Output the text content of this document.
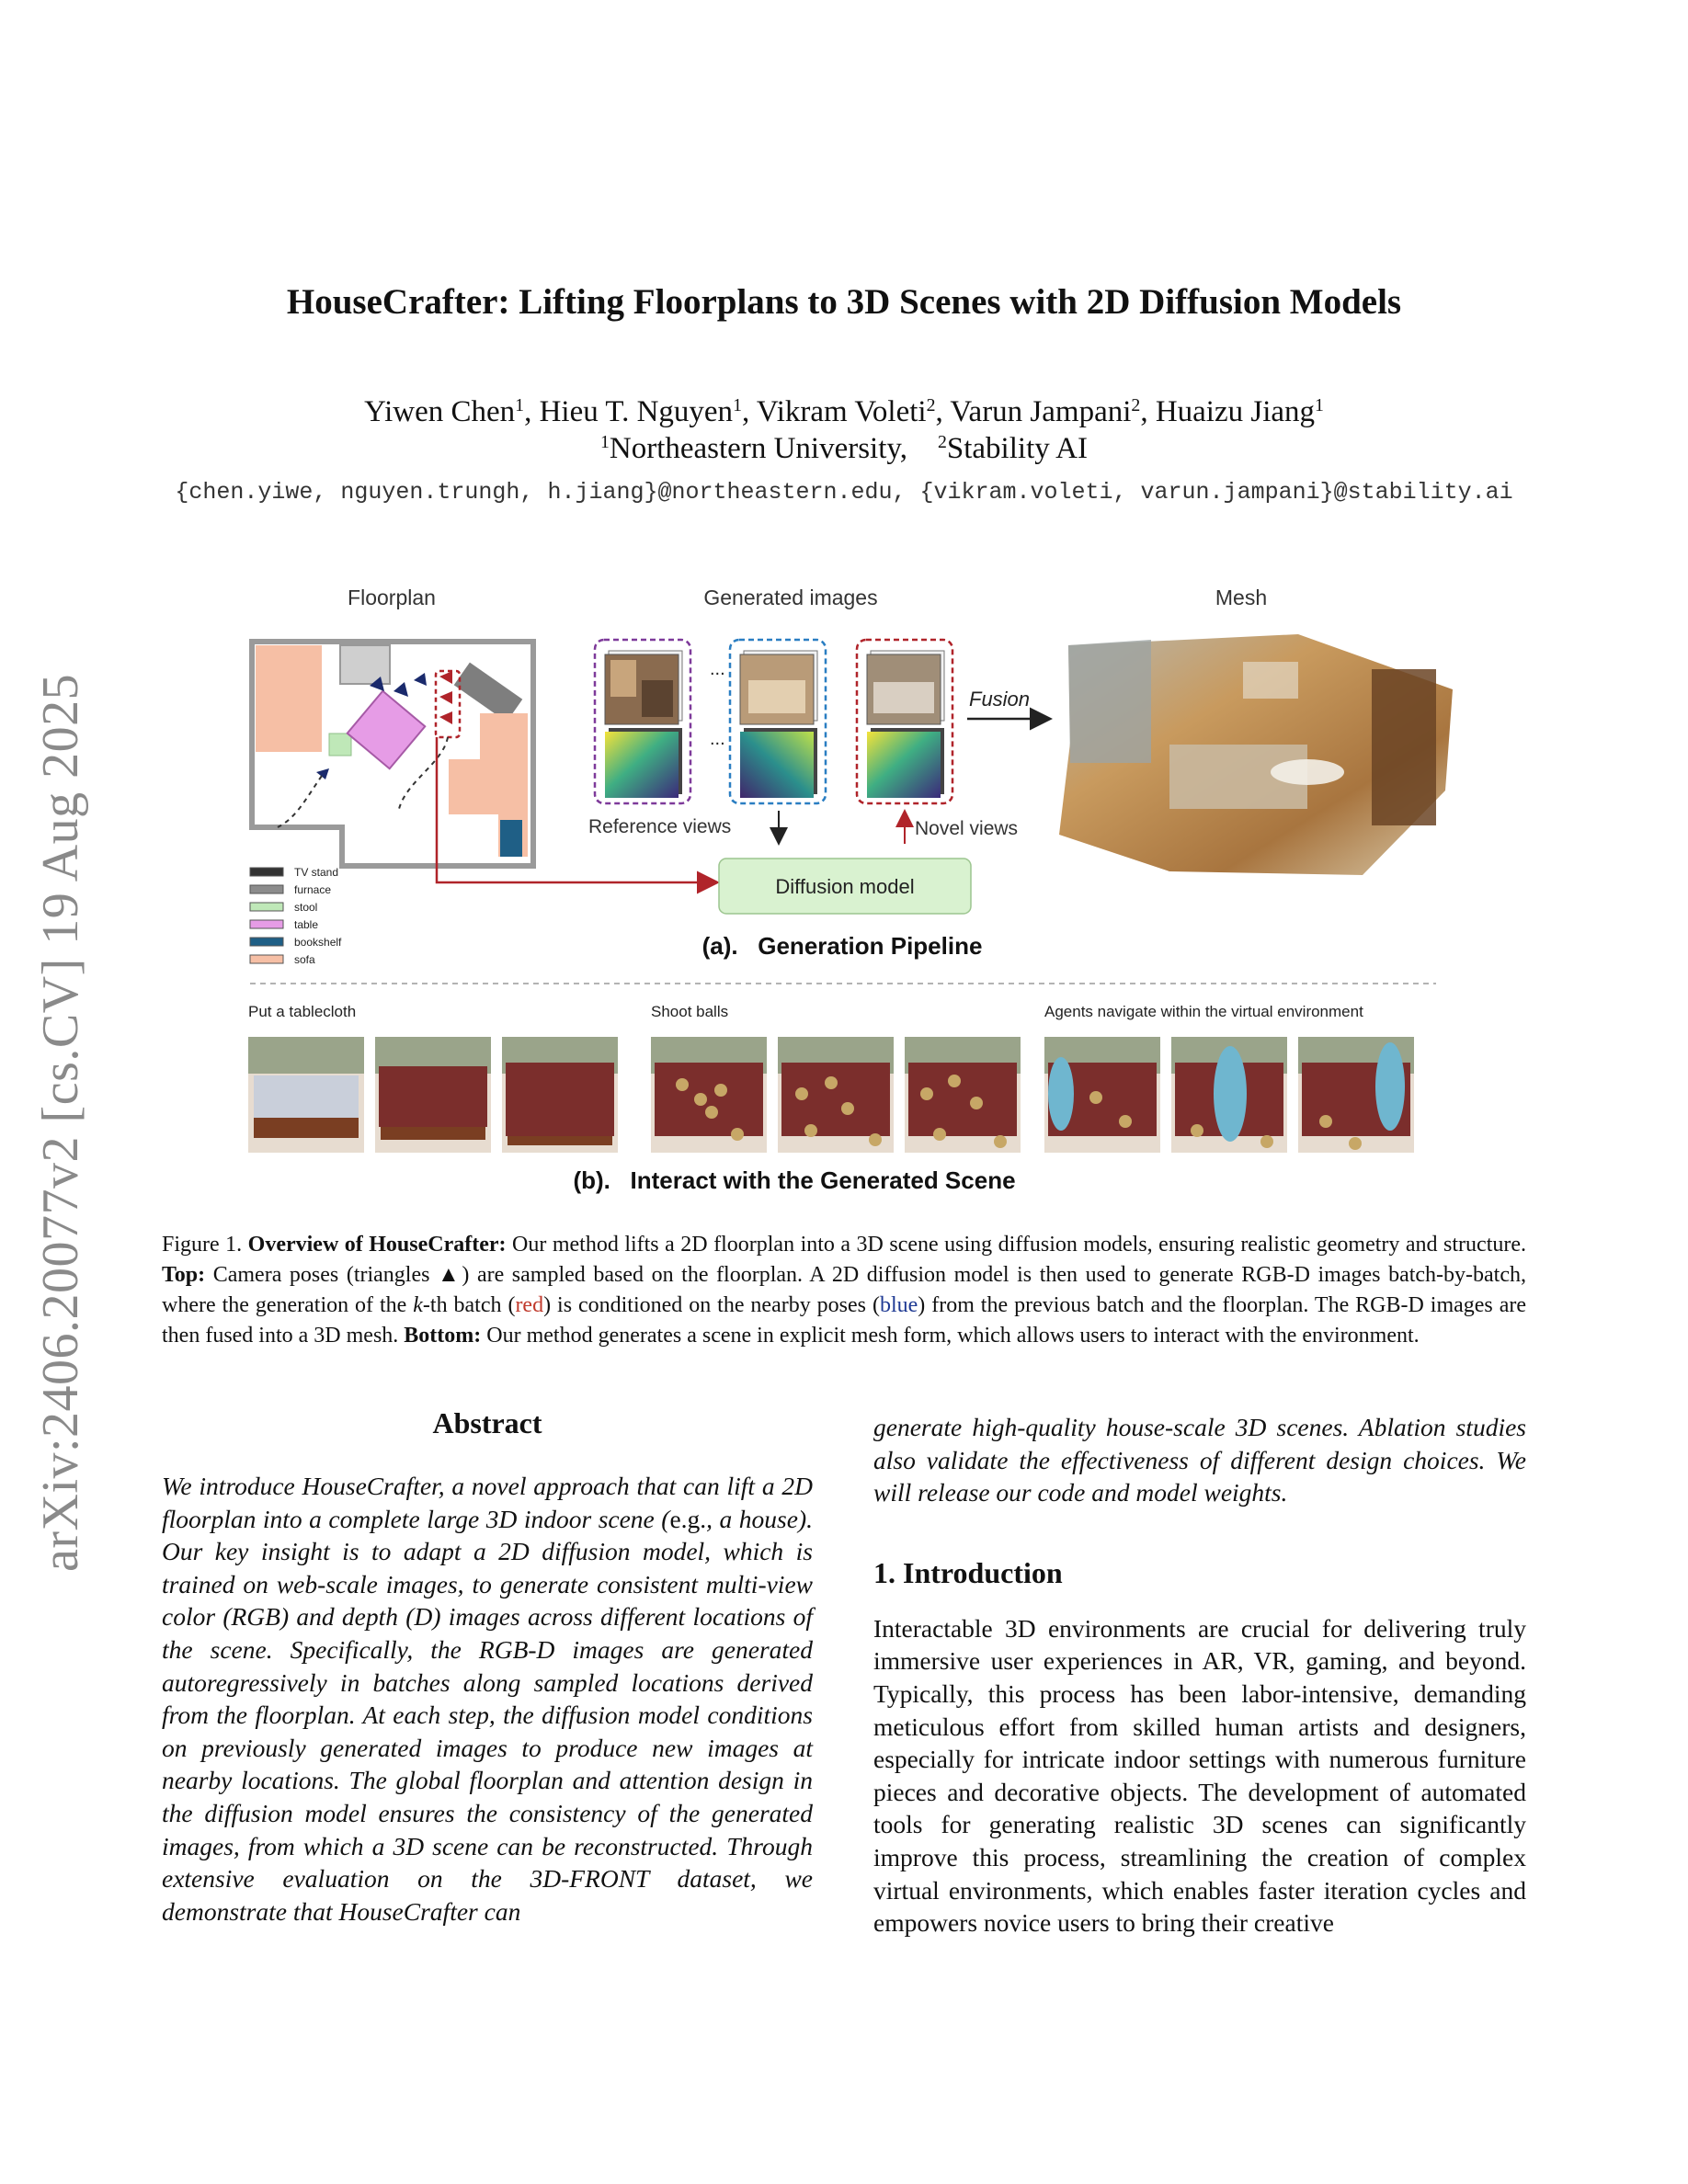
arXiv:2406.20077v2 [cs.CV] 19 Aug 2025
HouseCrafter: Lifting Floorplans to 3D Scenes with 2D Diffusion Models
Yiwen Chen$^1$, Hieu T. Nguyen$^1$, Vikram Voleti$^2$, Varun Jampani$^2$, Huaizu Jiang$^1$
$^1$Northeastern University, $^2$Stability AI
{chen.yiwe, nguyen.trungh, h.jiang}@northeastern.edu, {vikram.voleti, varun.jampani}@stability.ai
Floorplan	Generated images	Mesh
TV stand
furnace
stool
table
bookshelf
sofa
...
...
Fusion
Reference views	Novel views
Diffusion model
(a).   Generation Pipeline
Put a tablecloth	Shoot balls	Agents navigate within the virtual environment
(b).   Interact with the Generated Scene
Figure 1. Overview of HouseCrafter: Our method lifts a 2D floorplan into a 3D scene using diffusion models, ensuring realistic geometry and structure. Top: Camera poses (triangles ▲) are sampled based on the floorplan. A 2D diffusion model is then used to generate RGB-D images batch-by-batch, where the generation of the k-th batch (red) is conditioned on the nearby poses (blue) from the previous batch and the floorplan. The RGB-D images are then fused into a 3D mesh. Bottom: Our method generates a scene in explicit mesh form, which allows users to interact with the environment.
Abstract
We introduce HouseCrafter, a novel approach that can lift a 2D floorplan into a complete large 3D indoor scene (e.g., a house). Our key insight is to adapt a 2D diffusion model, which is trained on web-scale images, to generate consistent multi-view color (RGB) and depth (D) images across different locations of the scene. Specifically, the RGB-D images are generated autoregressively in batches along sampled locations derived from the floorplan. At each step, the diffusion model conditions on previously generated images to produce new images at nearby locations. The global floorplan and attention design in the diffusion model ensures the consistency of the generated images, from which a 3D scene can be reconstructed. Through extensive evaluation on the 3D-FRONT dataset, we demonstrate that HouseCrafter can
generate high-quality house-scale 3D scenes. Ablation studies also validate the effectiveness of different design choices. We will release our code and model weights.
1. Introduction
Interactable 3D environments are crucial for delivering truly immersive user experiences in AR, VR, gaming, and beyond. Typically, this process has been labor-intensive, demanding meticulous effort from skilled human artists and designers, especially for intricate indoor settings with numerous furniture pieces and decorative objects. The development of automated tools for generating realistic 3D scenes can significantly improve this process, streamlining the creation of complex virtual environments, which enables faster iteration cycles and empowers novice users to bring their creative
